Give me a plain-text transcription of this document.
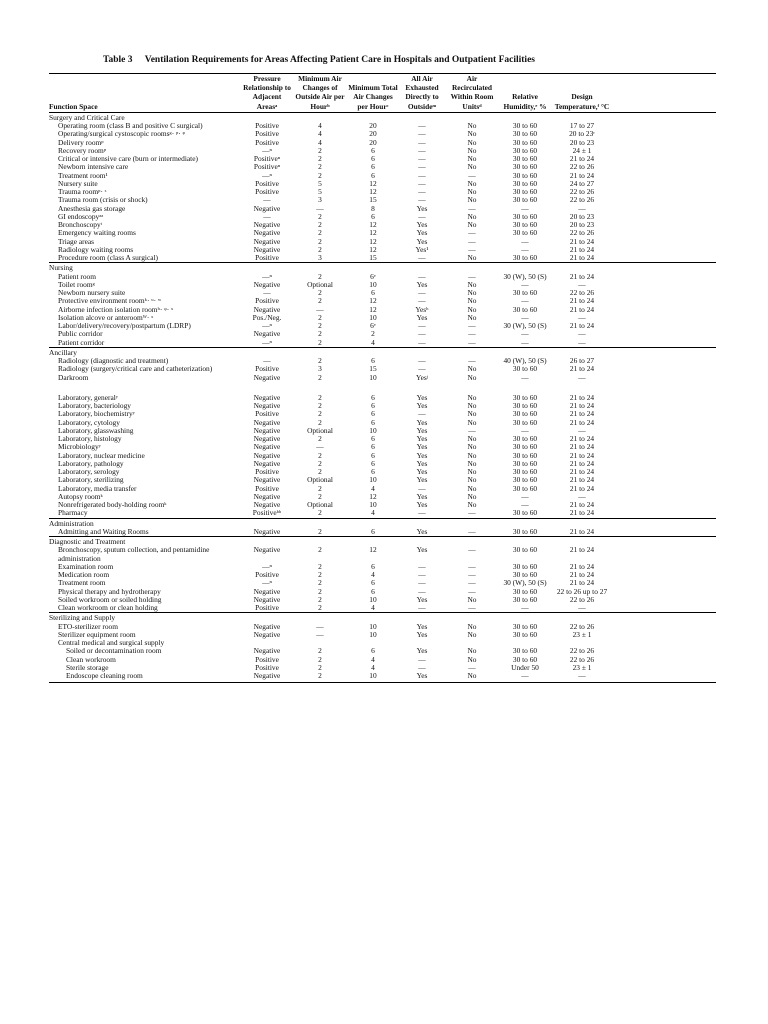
Table 3 Ventilation Requirements for Areas Affecting Patient Care in Hospitals and Outpatient Facilities
Function Space	Pressure Relationship to Adjacent Areasᵃ	Minimum Air Changes of Outside Air per Hourᵇ	Minimum Total Air Changes per Hourᶜ	All Air Exhausted Directly to Outsideᵐ	Air Recirculated Within Room Unitsᵈ	Relative Humidity,ᵉ %	Design Temperature,ᶠ °C	
Surgery and Critical Care								
Operating room (class B and positive C surgical)	Positive	4	20	—	No	30 to 60	17 to 27	
Operating/surgical cystoscopic roomsᵍ· ᵖ· ᵠ	Positive	4	20	—	No	30 to 60	20 to 23ʳ	
Delivery roomᵖ	Positive	4	20	—	No	30 to 60	20 to 23	
Recovery roomᵖ	—ⁿ	2	6	—	No	30 to 60	24 ± 1	
Critical or intensive care (burn or intermediate)	Positiveⁿ	2	6	—	No	30 to 60	21 to 24	
Newborn intensive care	Positiveⁿ	2	6	—	No	30 to 60	22 to 26	
Treatment room¹	—ⁿ	2	6	—	—	30 to 60	21 to 24	
Nursery suite	Positive	5	12	—	No	30 to 60	24 to 27	
Trauma roomᵖ· ˢ	Positive	5	12	—	No	30 to 60	22 to 26	
Trauma room (crisis or shock)	—	3	15	—	No	30 to 60	22 to 26	
Anesthesia gas storage	Negative	—	8	Yes	—	—	—	
GI endoscopyᵃᵃ	—	2	6	—	No	30 to 60	20 to 23	
Bronchoscopyᵗ	Negative	2	12	Yes	No	30 to 60	20 to 23	
Emergency waiting rooms	Negative	2	12	Yes	—	30 to 60	22 to 26	
Triage areas	Negative	2	12	Yes	—	—	21 to 24	
Radiology waiting rooms	Negative	2	12	Yes¹	—	—	21 to 24	
Procedure room (class A surgical)	Positive	3	15	—	No	30 to 60	21 to 24	
Nursing								
Patient room	—ⁿ	2	6ᵛ	—	—	30 (W), 50 (S)	21 to 24	
Toilet roomᵍ	Negative	Optional	10	Yes	No	—	—	
Newborn nursery suite	—	2	6	—	No	30 to 60	22 to 26	
Protective environment roomᵏ· ᵘ· ʷ	Positive	2	12	—	No	—	21 to 24	
Airborne infection isolation roomʰ· ᵠ· ˣ	Negative	—	12	Yesʰ	No	30 to 60	21 to 24	
Isolation alcove or anteroomᵂ· ˣ	Pos./Neg.	2	10	Yes	No	—	—	
Labor/delivery/recovery/postpartum (LDRP)	—ⁿ	2	6ᵛ	—	—	30 (W), 50 (S)	21 to 24	
Public corridor	Negative	2	2	—	—	—	—	
Patient corridor	—ⁿ	2	4	—	—	—	—	
Ancillary								
Radiology (diagnostic and treatment)	—	2	6	—	—	40 (W), 50 (S)	26 to 27	
Radiology (surgery/critical care and catheterization)	Positive	3	15	—	No	30 to 60	21 to 24	
Darkroom	Negative	2	10	Yesʲ	No	—	—	

Laboratory, generalʸ	Negative	2	6	Yes	No	30 to 60	21 to 24	
Laboratory, bacteriology	Negative	2	6	Yes	No	30 to 60	21 to 24	
Laboratory, biochemistryʸ	Positive	2	6	—	No	30 to 60	21 to 24	
Laboratory, cytology	Negative	2	6	Yes	No	30 to 60	21 to 24	
Laboratory, glasswashing	Negative	Optional	10	Yes	—	—	—	
Laboratory, histology	Negative	2	6	Yes	No	30 to 60	21 to 24	
Microbiologyʸ	Negative	—	6	Yes	No	30 to 60	21 to 24	
Laboratory, nuclear medicine	Negative	2	6	Yes	No	30 to 60	21 to 24	
Laboratory, pathology	Negative	2	6	Yes	No	30 to 60	21 to 24	
Laboratory, serology	Positive	2	6	Yes	No	30 to 60	21 to 24	
Laboratory, sterilizing	Negative	Optional	10	Yes	No	30 to 60	21 to 24	
Laboratory, media transfer	Positive	2	4	—	No	30 to 60	21 to 24	
Autopsy roomᵏ	Negative	2	12	Yes	No	—	—	
Nonrefrigerated body-holding roomᵏ	Negative	Optional	10	Yes	No	—	21 to 24	
Pharmacy	Positiveᵇᵇ	2	4	—	—	30 to 60	21 to 24	
Administration								
Admitting and Waiting Rooms	Negative	2	6	Yes	—	30 to 60	21 to 24	
Diagnostic and Treatment								
Bronchoscopy, sputum collection, and pentamidine administration	Negative	2	12	Yes	—	30 to 60	21 to 24	
Examination room	—ⁿ	2	6	—	—	30 to 60	21 to 24	
Medication room	Positive	2	4	—	—	30 to 60	21 to 24	
Treatment room	—ⁿ	2	6	—	—	30 (W), 50 (S)	21 to 24	
Physical therapy and hydrotherapy	Negative	2	6	—	—	30 to 60	22 to 26 up to 27	
Soiled workroom or soiled holding	Negative	2	10	Yes	No	30 to 60	22 to 26	
Clean workroom or clean holding	Positive	2	4	—	—	—	—	
Sterilizing and Supply								
ETO-sterilizer room	Negative	—	10	Yes	No	30 to 60	22 to 26	
Sterilizer equipment room	Negative	—	10	Yes	No	30 to 60	23 ± 1	
Central medical and surgical supply								
Soiled or decontamination room	Negative	2	6	Yes	No	30 to 60	22 to 26	
Clean workroom	Positive	2	4	—	No	30 to 60	22 to 26	
Sterile storage	Positive	2	4	—	—	Under 50	23 ± 1	
Endoscope cleaning room	Negative	2	10	Yes	No	—	—	
